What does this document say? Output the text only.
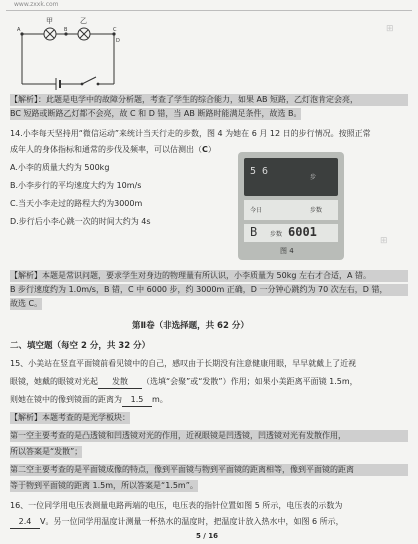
www.zxxk.com
⊞
⊞
甲	乙
A	B	C
D
【解析】：此题是电学中的故障分析题，考查了学生的综合能力，如果 AB 短路，乙灯泡肯定会亮，
BC 短路或断路乙灯都不会亮，故 C 和 D 错，当 AB 断路时能满足条件，故选 B。
14.小李每天坚持用“微信运动”来统计当天行走的步数，图 4 为她在 6 月 12 日的步行情况。按照正常
成年人的身体指标和通常的步伐及频率，可以估测出（C）
A.小李的质量大约为 500kg
B.小李步行的平均速度大约为 10m/s
C.当天小李走过的路程大约为3000m
D.步行后小李心跳一次的时间大约为 4s
5 6
步
今日	步数
B	6001
步数
图 4
【解析】本题是常识问题，要求学生对身边的物理量有所认识，小李质量为 50kg 左右才合适，A 错。
B 步行速度约为 1.0m/s，B 错，C 中 6000 步，约 3000m 正确，D 一分钟心跳约为 70 次左右，D 错，
故选 C。
第Ⅱ卷（非选择题，共 62 分）
二、填空题（每空 2 分，共 32 分）
15、小美站在竖直平面镜前看见镜中的自己，感叹由于长期没有注意健康用眼，早早就戴上了近视
眼镜，她戴的眼镜对光起 发散 （选填“会聚”或“发散”）作用；如果小美距离平面镜 1.5m，
则她在镜中的像到镜面的距离为 1.5 m。
【解析】本题考查的是光学板块：
第一空主要考查的是凸透镜和凹透镜对光的作用，近视眼镜是凹透镜，凹透镜对光有发散作用，
所以答案是“发散”；
第二空主要考查的是平面镜成像的特点，像到平面镜与物到平面镜的距离相等，像到平面镜的距离
等于物到平面镜的距离 1.5m，所以答案是“1.5m”。
16、一位同学用电压表测量电路两端的电压，电压表的指针位置如图 5 所示，电压表的示数为
2.4 V。另一位同学用温度计测量一杯热水的温度时，把温度计放入热水中，如图 6 所示，
5 / 16
